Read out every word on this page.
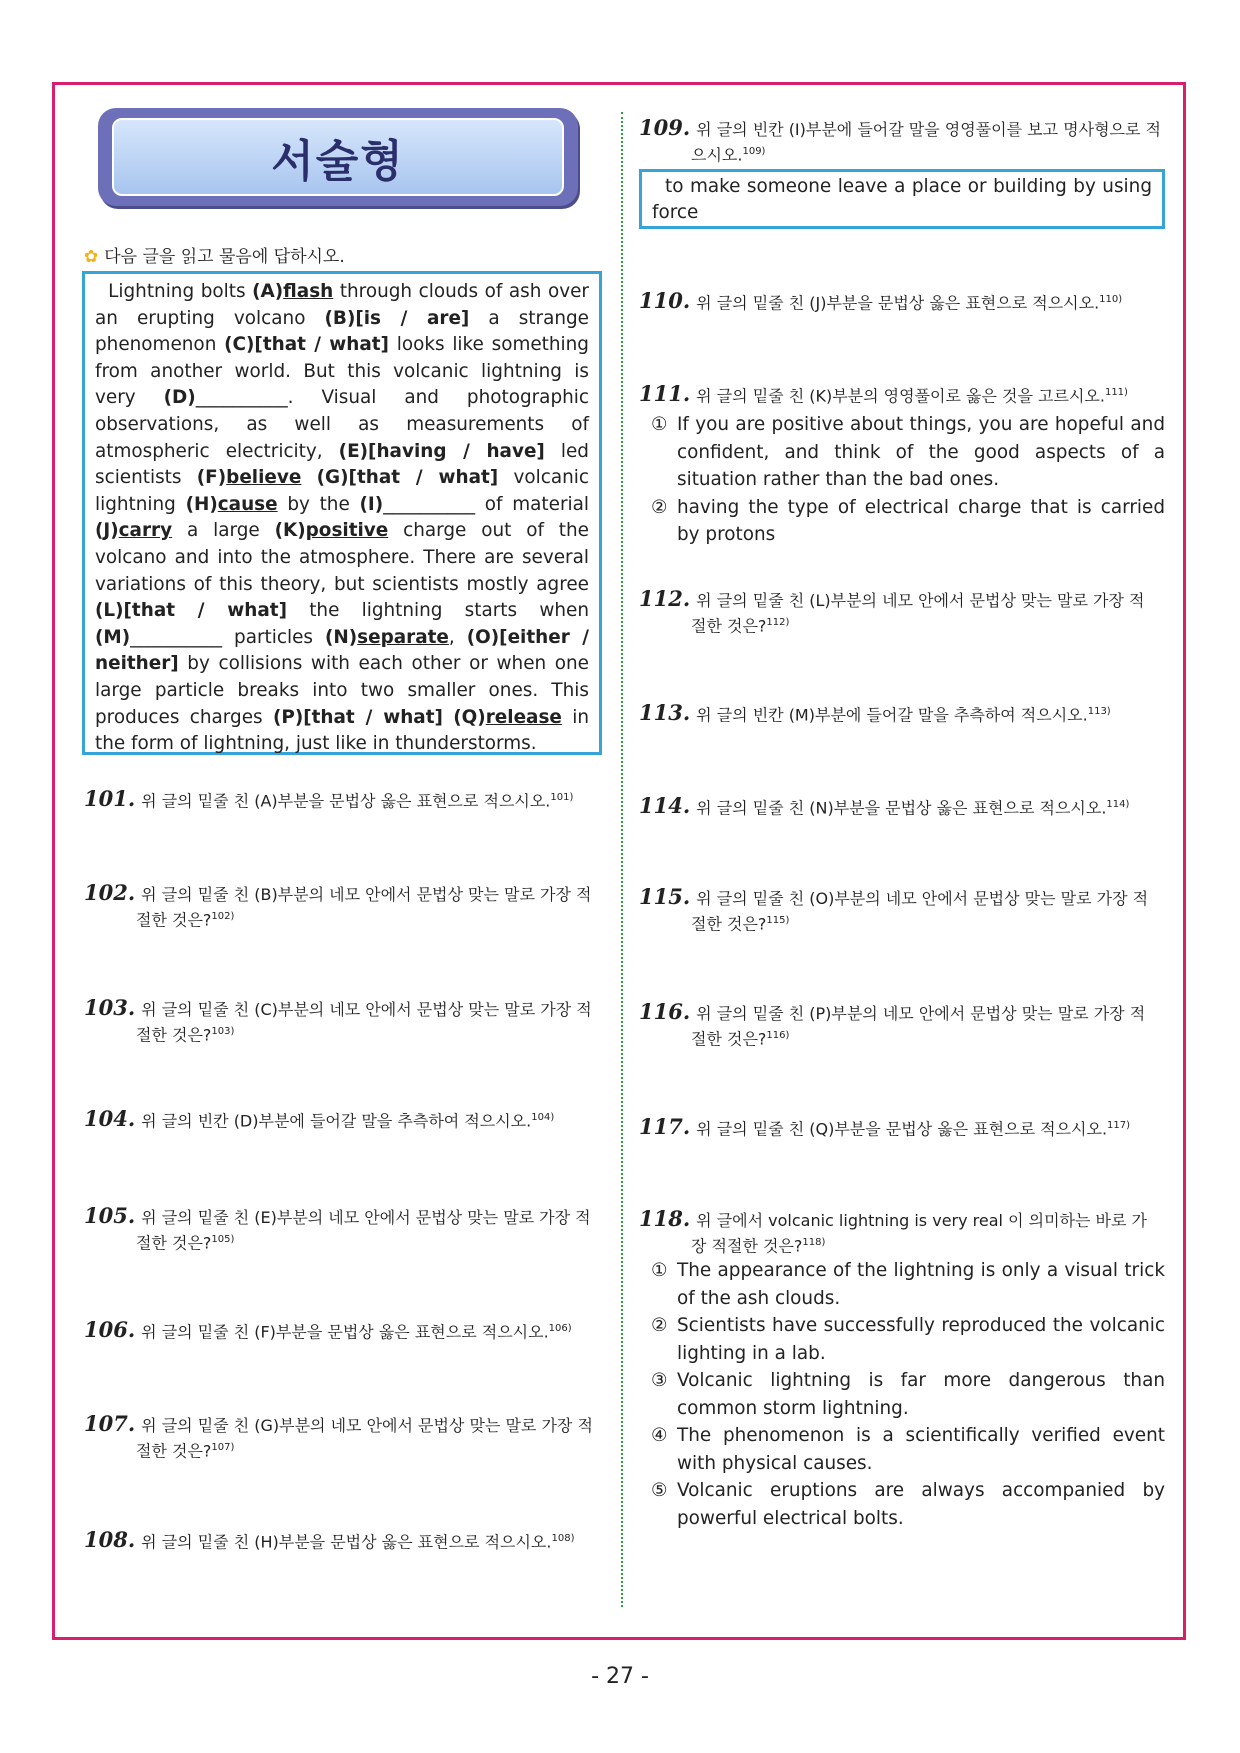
서술형
✿ 다음 글을 읽고 물음에 답하시오.
Lightning bolts (A)flash through clouds of ash over an erupting volcano (B)[is / are] a strange phenomenon (C)[that / what] looks like something from another world. But this volcanic lightning is very (D)__________. Visual and photographic observations, as well as measurements of atmospheric electricity, (E)[having / have] led scientists (F)believe (G)[that / what] volcanic lightning (H)cause by the (I)__________ of material (J)carry a large (K)positive charge out of the volcano and into the atmosphere. There are several variations of this theory, but scientists mostly agree (L)[that / what] the lightning starts when (M)__________ particles (N)separate, (O)[either / neither] by collisions with each other or when one large particle breaks into two smaller ones. This produces charges (P)[that / what] (Q)release in the form of lightning, just like in thunderstorms.
101. 위 글의 밑줄 친 (A)부분을 문법상 옳은 표현으로 적으시오.$^{101)}$
102. 위 글의 밑줄 친 (B)부분의 네모 안에서 문법상 맞는 말로 가장 적
절한 것은?$^{102)}$
103. 위 글의 밑줄 친 (C)부분의 네모 안에서 문법상 맞는 말로 가장 적
절한 것은?$^{103)}$
104. 위 글의 빈칸 (D)부분에 들어갈 말을 추측하여 적으시오.$^{104)}$
105. 위 글의 밑줄 친 (E)부분의 네모 안에서 문법상 맞는 말로 가장 적
절한 것은?$^{105)}$
106. 위 글의 밑줄 친 (F)부분을 문법상 옳은 표현으로 적으시오.$^{106)}$
107. 위 글의 밑줄 친 (G)부분의 네모 안에서 문법상 맞는 말로 가장 적
절한 것은?$^{107)}$
108. 위 글의 밑줄 친 (H)부분을 문법상 옳은 표현으로 적으시오.$^{108)}$
109. 위 글의 빈칸 (I)부분에 들어갈 말을 영영풀이를 보고 명사형으로 적
으시오.$^{109)}$
to make someone leave a place or building by using force
110. 위 글의 밑줄 친 (J)부분을 문법상 옳은 표현으로 적으시오.$^{110)}$
111. 위 글의 밑줄 친 (K)부분의 영영풀이로 옳은 것을 고르시오.$^{111)}$
① If you are positive about things, you are hopeful and confident, and think of the good aspects of a situation rather than the bad ones.
② having the type of electrical charge that is carried by protons
112. 위 글의 밑줄 친 (L)부분의 네모 안에서 문법상 맞는 말로 가장 적
절한 것은?$^{112)}$
113. 위 글의 빈칸 (M)부분에 들어갈 말을 추측하여 적으시오.$^{113)}$
114. 위 글의 밑줄 친 (N)부분을 문법상 옳은 표현으로 적으시오.$^{114)}$
115. 위 글의 밑줄 친 (O)부분의 네모 안에서 문법상 맞는 말로 가장 적
절한 것은?$^{115)}$
116. 위 글의 밑줄 친 (P)부분의 네모 안에서 문법상 맞는 말로 가장 적
절한 것은?$^{116)}$
117. 위 글의 밑줄 친 (Q)부분을 문법상 옳은 표현으로 적으시오.$^{117)}$
118. 위 글에서 volcanic lightning is very real 이 의미하는 바로 가
장 적절한 것은?$^{118)}$
① The appearance of the lightning is only a visual trick of the ash clouds.
② Scientists have successfully reproduced the volcanic lighting in a lab.
③ Volcanic lightning is far more dangerous than common storm lightning.
④ The phenomenon is a scientifically verified event with physical causes.
⑤ Volcanic eruptions are always accompanied by powerful electrical bolts.
- 27 -
